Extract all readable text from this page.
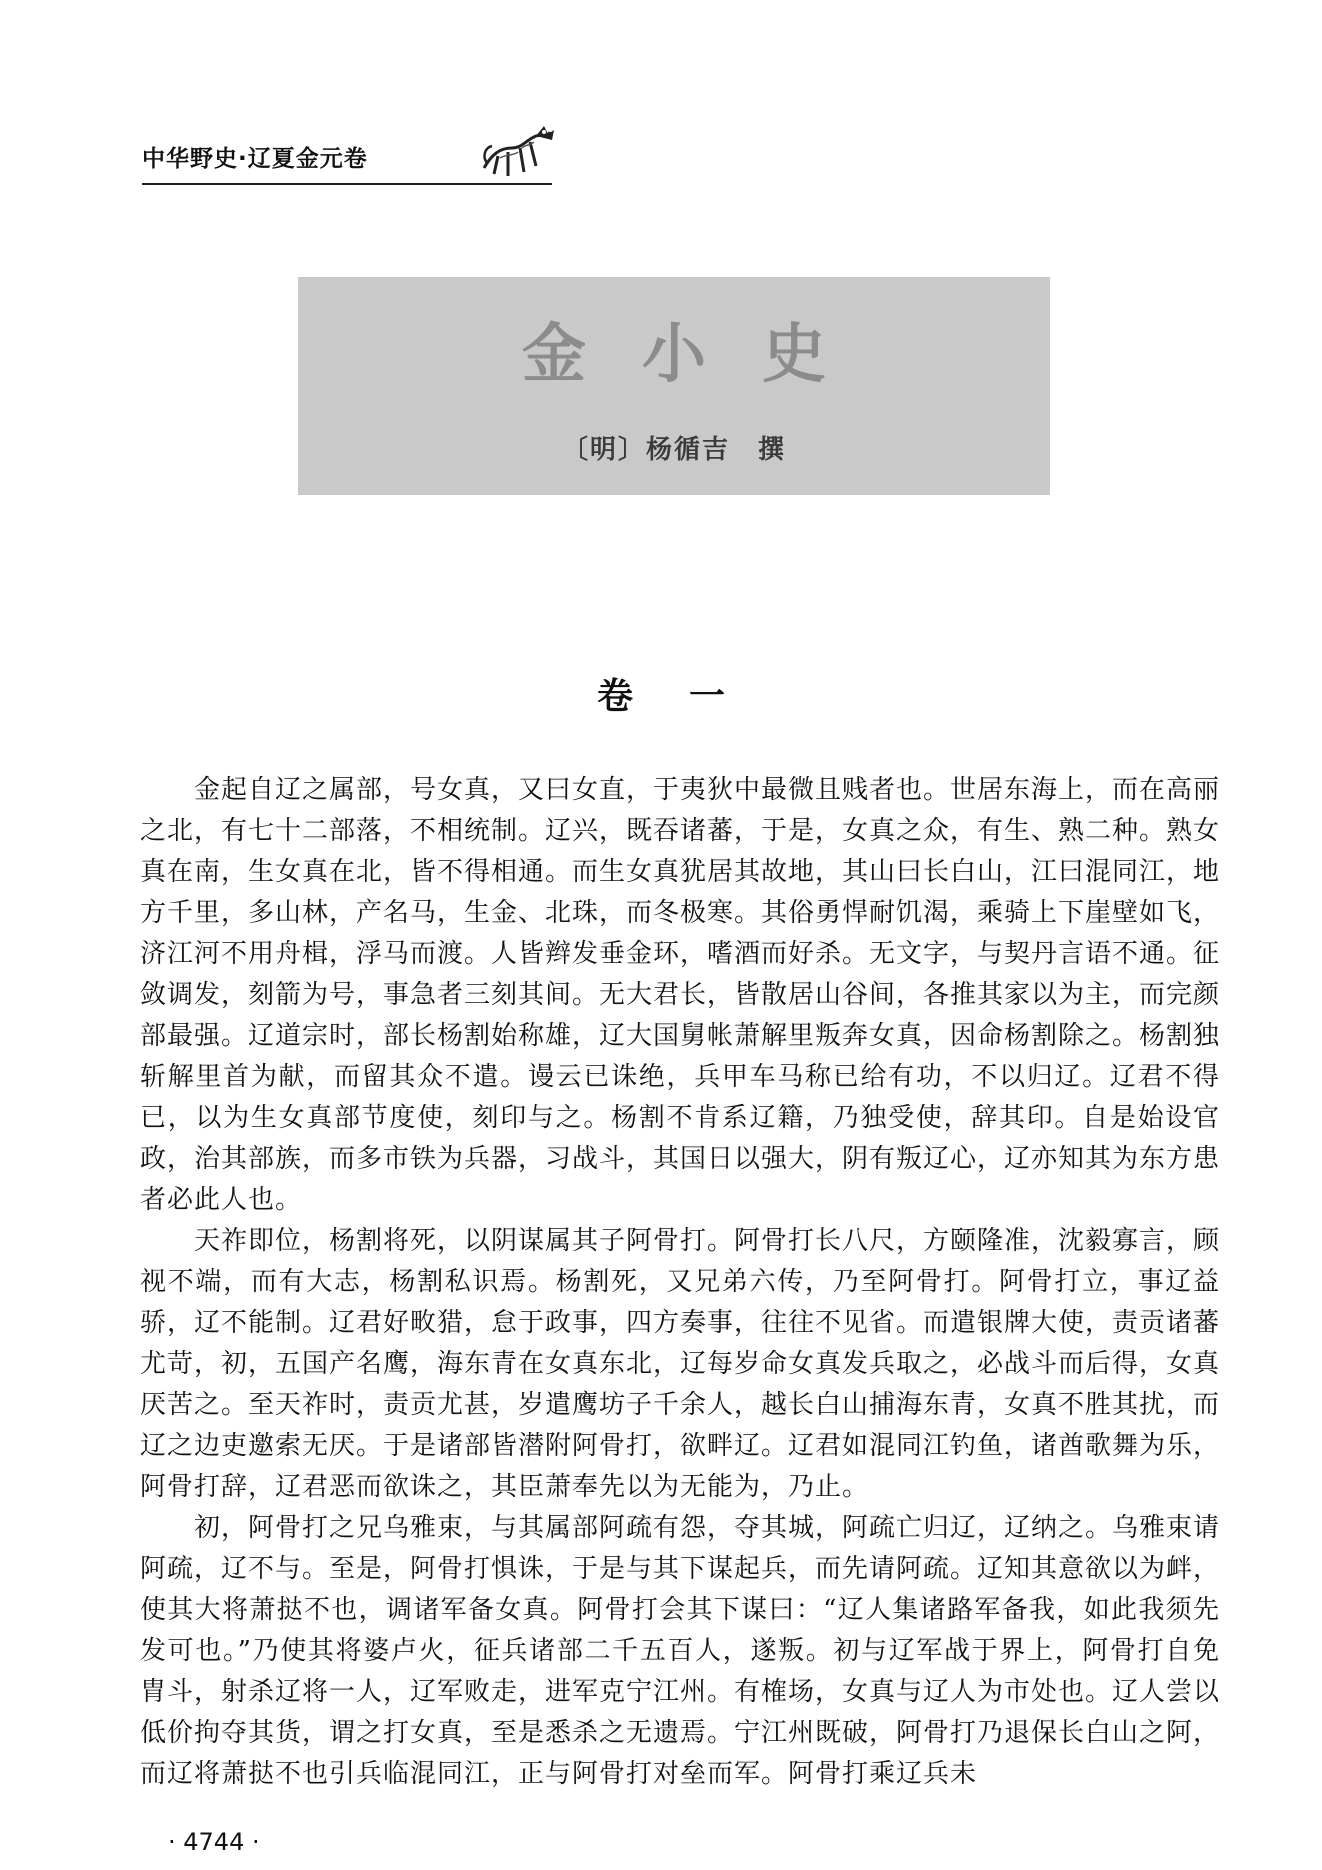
中华野史·辽夏金元卷
金小史
〔明〕杨循吉　撰
卷一

金起自辽之属部，号女真，又曰女直，于夷狄中最微且贱者也。世居东海上，而在高丽之北，有七十二部落，不相统制。辽兴，既吞诸蕃，于是，女真之众，有生、熟二种。熟女真在南，生女真在北，皆不得相通。而生女真犹居其故地，其山曰长白山，江曰混同江，地方千里，多山林，产名马，生金、北珠，而冬极寒。其俗勇悍耐饥渴，乘骑上下崖壁如飞，济江河不用舟楫，浮马而渡。人皆辫发垂金环，嗜酒而好杀。无文字，与契丹言语不通。征敛调发，刻箭为号，事急者三刻其间。无大君长，皆散居山谷间，各推其家以为主，而完颜部最强。辽道宗时，部长杨割始称雄，辽大国舅帐萧解里叛奔女真，因命杨割除之。杨割独斩解里首为献，而留其众不遣。谩云已诛绝，兵甲车马称已给有功，不以归辽。辽君不得已，以为生女真部节度使，刻印与之。杨割不肯系辽籍，乃独受使，辞其印。自是始设官政，治其部族，而多市铁为兵器，习战斗，其国日以强大，阴有叛辽心，辽亦知其为东方患者必此人也。

天祚即位，杨割将死，以阴谋属其子阿骨打。阿骨打长八尺，方颐隆准，沈毅寡言，顾视不端，而有大志，杨割私识焉。杨割死，又兄弟六传，乃至阿骨打。阿骨打立，事辽益骄，辽不能制。辽君好畋猎，怠于政事，四方奏事，往往不见省。而遣银牌大使，责贡诸蕃尤苛，初，五国产名鹰，海东青在女真东北，辽每岁命女真发兵取之，必战斗而后得，女真厌苦之。至天祚时，责贡尤甚，岁遣鹰坊子千余人，越长白山捕海东青，女真不胜其扰，而辽之边吏邀索无厌。于是诸部皆潜附阿骨打，欲畔辽。辽君如混同江钓鱼，诸酋歌舞为乐，阿骨打辞，辽君恶而欲诛之，其臣萧奉先以为无能为，乃止。

初，阿骨打之兄乌雅束，与其属部阿疏有怨，夺其城，阿疏亡归辽，辽纳之。乌雅束请阿疏，辽不与。至是，阿骨打惧诛，于是与其下谋起兵，而先请阿疏。辽知其意欲以为衅，使其大将萧挞不也，调诸军备女真。阿骨打会其下谋曰：“辽人集诸路军备我，如此我须先发可也。”乃使其将婆卢火，征兵诸部二千五百人，遂叛。初与辽军战于界上，阿骨打自免胄斗，射杀辽将一人，辽军败走，进军克宁江州。有榷场，女真与辽人为市处也。辽人尝以低价拘夺其货，谓之打女真，至是悉杀之无遗焉。宁江州既破，阿骨打乃退保长白山之阿，而辽将萧挞不也引兵临混同江，正与阿骨打对垒而军。阿骨打乘辽兵未

· 4744 ·
